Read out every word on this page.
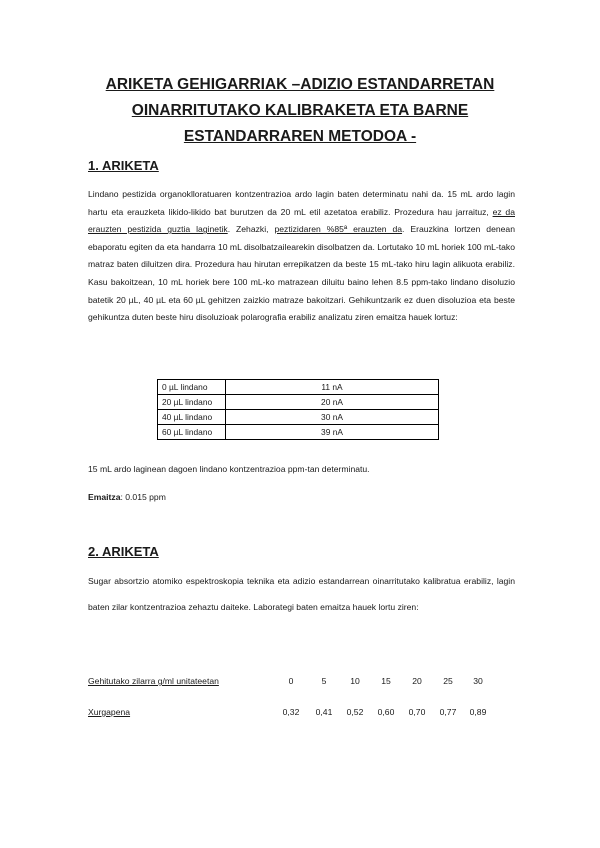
ARIKETA GEHIGARRIAK –ADIZIO ESTANDARRETAN
OINARRITUTAKO KALIBRAKETA ETA BARNE
ESTANDARRAREN METODOA -
1. ARIKETA
Lindano pestizida organoklloratuaren kontzentrazioa ardo lagin baten determinatu nahi da. 15 mL ardo lagin hartu eta erauzketa likido-likido bat burutzen da 20 mL etil azetatoa erabiliz. Prozedura hau jarraituz, ez da erauzten pestizida guztia laginetik. Zehazki, peztizidaren %85ª erauzten da. Erauzkina lortzen denean ebaporatu egiten da eta handarra 10 mL disolbatzailearekin disolbatzen da. Lortutako 10 mL horiek 100 mL-tako matraz baten diluitzen dira. Prozedura hau hirutan errepikatzen da beste 15 mL-tako hiru lagin alikuota erabiliz. Kasu bakoitzean, 10 mL horiek bere 100 mL-ko matrazean diluitu baino lehen 8.5 ppm-tako lindano disoluzio batetik 20 µL, 40 µL eta 60 µL gehitzen zaizkio matraze bakoitzari. Gehikuntzarik ez duen disoluzioa eta beste gehikuntza duten beste hiru disoluzioak polarografia erabiliz analizatu ziren emaitza hauek lortuz:
0 µL lindano	11 nA
20 µL lindano	20 nA
40 µL lindano	30 nA
60 µL lindano	39 nA
15 mL ardo laginean dagoen lindano kontzentrazioa ppm-tan determinatu.
Emaitza: 0.015 ppm
2. ARIKETA
Sugar absortzio atomiko espektroskopia teknika eta adizio estandarrean oinarritutako kalibratua erabiliz, lagin baten zilar kontzentrazioa zehaztu daiteke. Laborategi baten emaitza hauek lortu ziren:
Gehitutako zilarra g/ml unitateetan	0	5	10	15	20	25	30
Xurgapena	0,32	0,41	0,52	0,60	0,70	0,77	0,89
